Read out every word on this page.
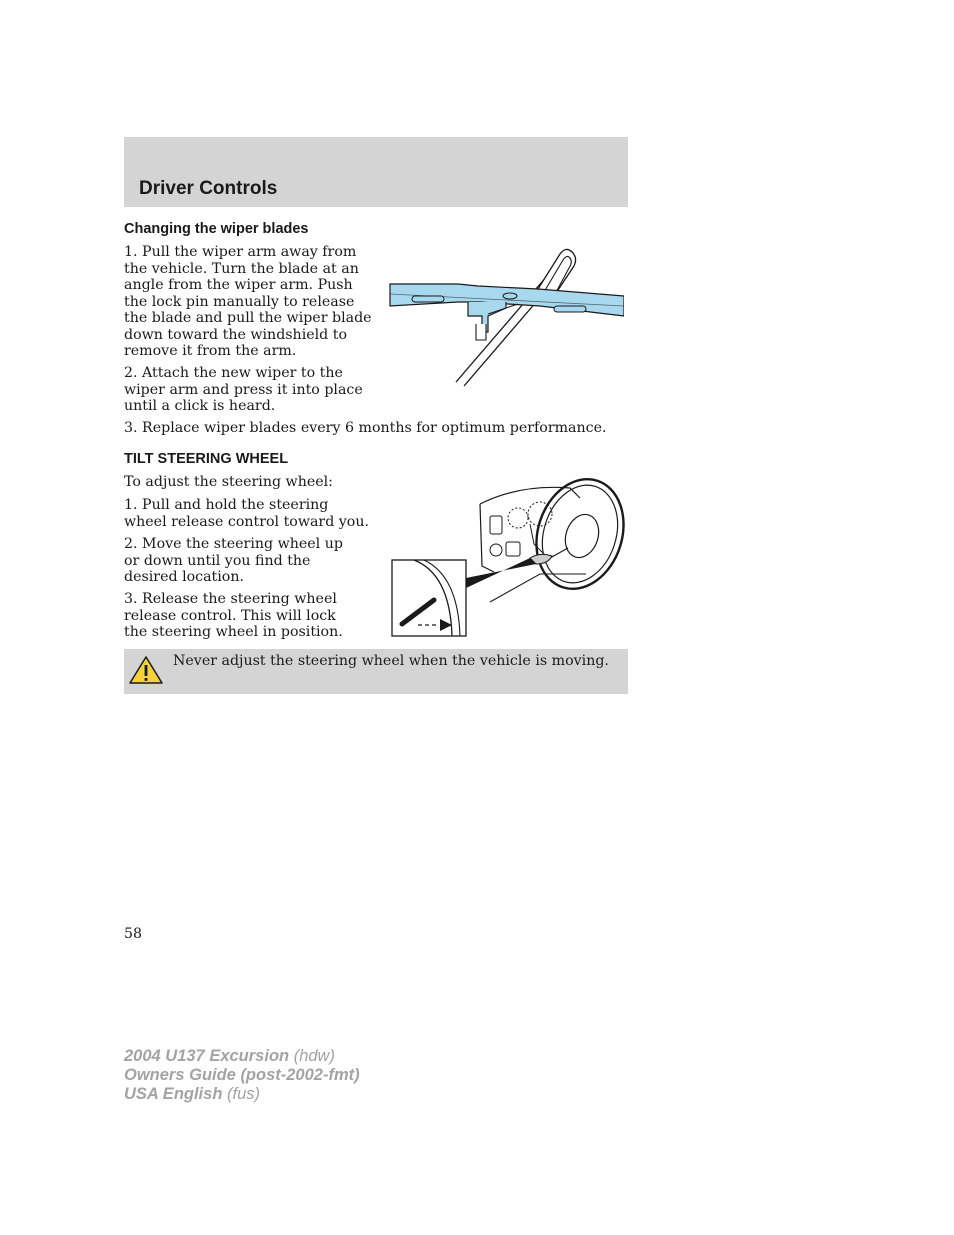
Driver Controls
Changing the wiper blades
1. Pull the wiper arm away from the vehicle. Turn the blade at an angle from the wiper arm. Push the lock pin manually to release the blade and pull the wiper blade down toward the windshield to remove it from the arm.
2. Attach the new wiper to the wiper arm and press it into place until a click is heard.
3. Replace wiper blades every 6 months for optimum performance.
TILT STEERING WHEEL
To adjust the steering wheel:
1. Pull and hold the steering wheel release control toward you.
2. Move the steering wheel up or down until you find the desired location.
3. Release the steering wheel release control. This will lock the steering wheel in position.
Never adjust the steering wheel when the vehicle is moving.
58
2004 U137 Excursion (hdw)
Owners Guide (post-2002-fmt)
USA English (fus)
